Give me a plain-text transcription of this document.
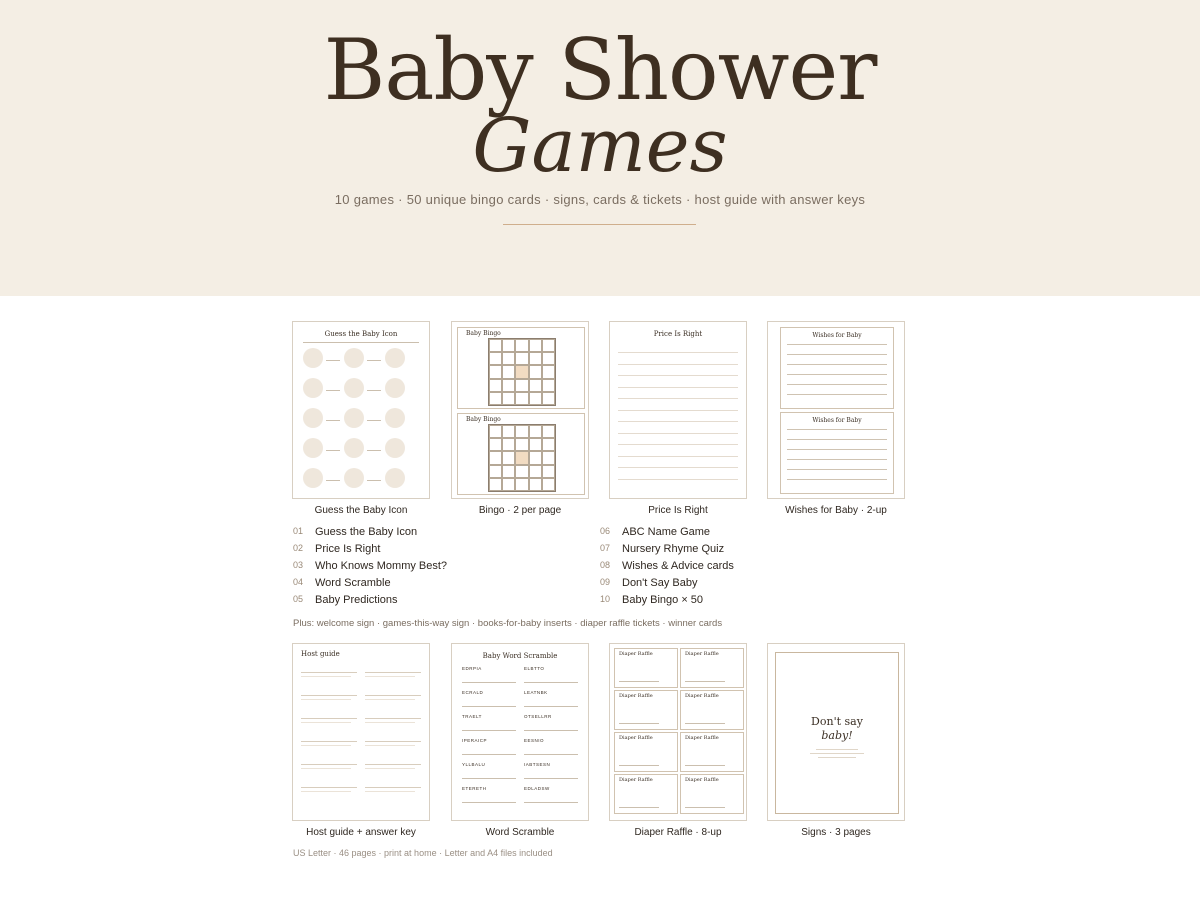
Baby Shower
Games
10 games · 50 unique bingo cards · signs, cards & tickets · host guide with answer keys
Guess the Baby Icon
Guess the Baby Icon
Baby Bingo
Baby Bingo
Bingo · 2 per page
Price Is Right
Price Is Right
Wishes for Baby
Wishes for Baby
Wishes for Baby · 2-up
01 Guess the Baby Icon
02 Price Is Right
03 Who Knows Mommy Best?
04 Word Scramble
05 Baby Predictions
06 ABC Name Game
07 Nursery Rhyme Quiz
08 Wishes & Advice cards
09 Don't Say Baby
10 Baby Bingo × 50
Plus: welcome sign · games-this-way sign · books-for-baby inserts · diaper raffle tickets · winner cards
Host guide
Host guide + answer key
Baby Word Scramble
EDRPIA	ELBTTO
ECRALD	LEATNBK
TRAELT	OTSELLRR
IPERAICP	EESNIO
YLLBALU	IABTSESN
ETERETH	EDLADSW
Word Scramble
Diaper Raffle	Diaper Raffle
Diaper Raffle	Diaper Raffle
Diaper Raffle	Diaper Raffle
Diaper Raffle	Diaper Raffle
Diaper Raffle · 8-up
Don't say
baby!
Signs · 3 pages
US Letter · 46 pages · print at home · Letter and A4 files included
